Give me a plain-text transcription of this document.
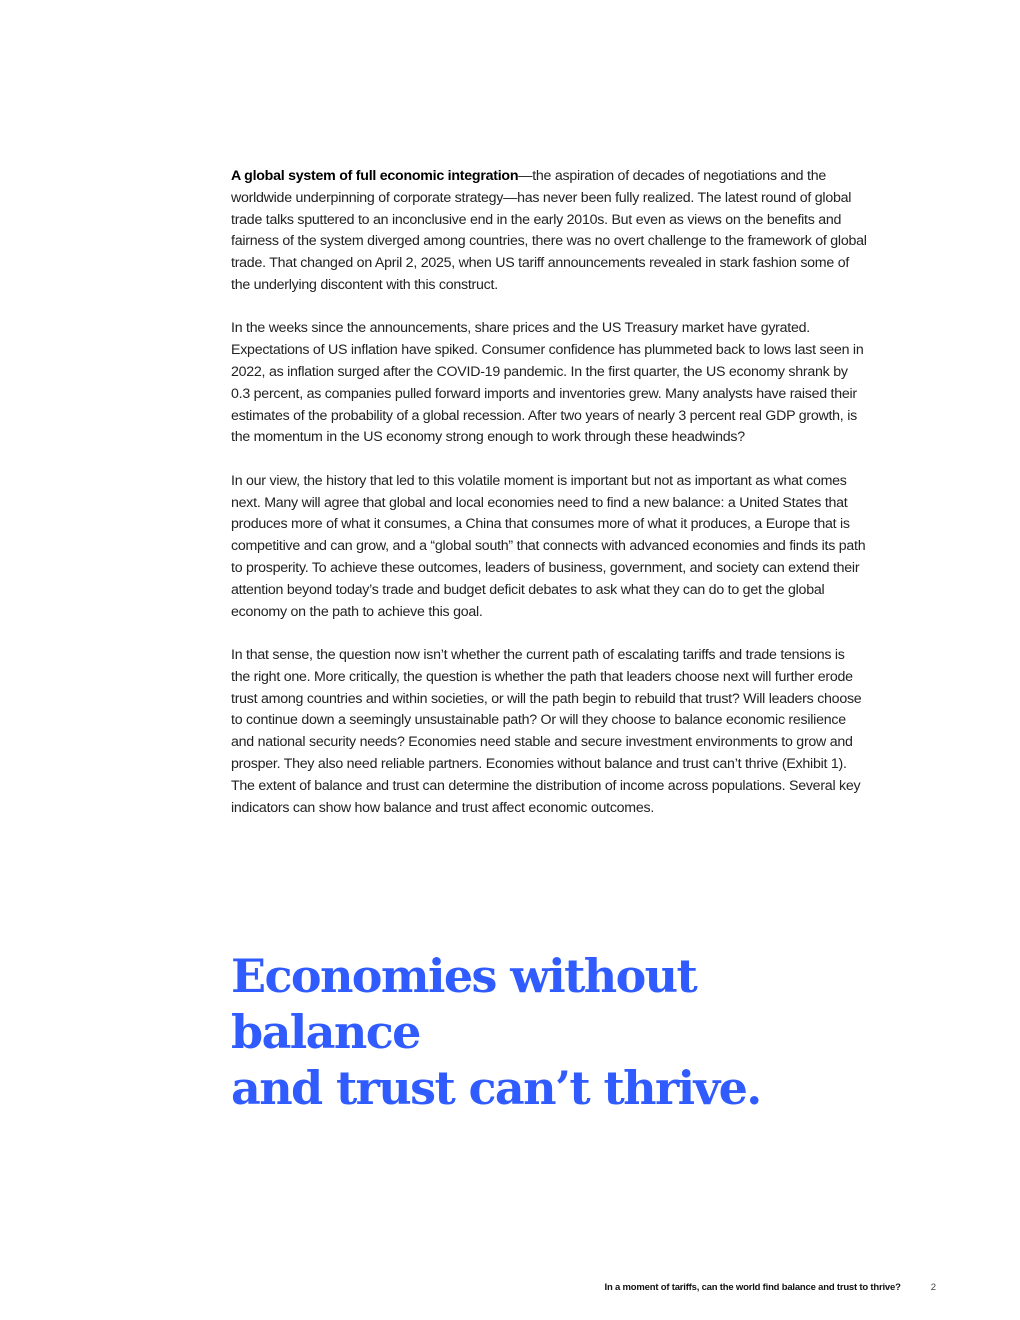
A global system of full economic integration—the aspiration of decades of negotiations and the worldwide underpinning of corporate strategy—has never been fully realized. The latest round of global trade talks sputtered to an inconclusive end in the early 2010s. But even as views on the benefits and fairness of the system diverged among countries, there was no overt challenge to the framework of global trade. That changed on April 2, 2025, when US tariff announcements revealed in stark fashion some of the underlying discontent with this construct.

In the weeks since the announcements, share prices and the US Treasury market have gyrated. Expectations of US inflation have spiked. Consumer confidence has plummeted back to lows last seen in 2022, as inflation surged after the COVID-19 pandemic. In the first quarter, the US economy shrank by 0.3 percent, as companies pulled forward imports and inventories grew. Many analysts have raised their estimates of the probability of a global recession. After two years of nearly 3 percent real GDP growth, is the momentum in the US economy strong enough to work through these headwinds?

In our view, the history that led to this volatile moment is important but not as important as what comes next. Many will agree that global and local economies need to find a new balance: a United States that produces more of what it consumes, a China that consumes more of what it produces, a Europe that is competitive and can grow, and a “global south” that connects with advanced economies and finds its path to prosperity. To achieve these outcomes, leaders of business, government, and society can extend their attention beyond today’s trade and budget deficit debates to ask what they can do to get the global economy on the path to achieve this goal.

In that sense, the question now isn’t whether the current path of escalating tariffs and trade tensions is the right one. More critically, the question is whether the path that leaders choose next will further erode trust among countries and within societies, or will the path begin to rebuild that trust? Will leaders choose to continue down a seemingly unsustainable path? Or will they choose to balance economic resilience and national security needs? Economies need stable and secure investment environments to grow and prosper. They also need reliable partners. Economies without balance and trust can’t thrive (Exhibit 1). The extent of balance and trust can determine the distribution of income across populations. Several key indicators can show how balance and trust affect economic outcomes.

Economies without balance
and trust can’t thrive.
In a moment of tariffs, can the world find balance and trust to thrive?	2
